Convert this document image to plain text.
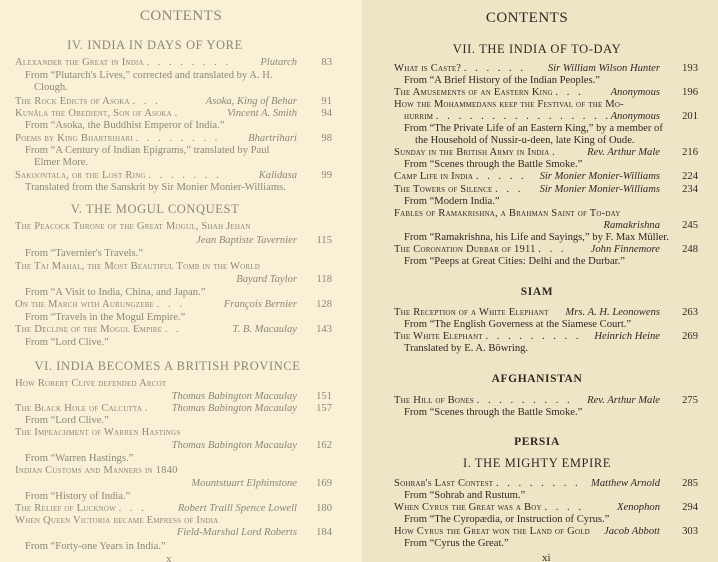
CONTENTS
IV. INDIA IN DAYS OF YORE
Alexander the Great in India . . . . . . . .	Plutarch	83
From “Plutarch's Lives,” corrected and translated by A. H.
Clough.
The Rock Edicts of Asoka . . .	Asoka, King of Behar	91
Kunâla the Obedient, Son of Asoka .	Vincent A. Smith	94
From “Asoka, the Buddhist Emperor of India.”
Poems by King Bhartrihari . . . . . . . .	Bhartrihari	98
From “A Century of Indian Epigrams,” translated by Paul
Elmer More.
Sakoontala, or the Lost Ring . . . . . . .	Kalidasa	99
Translated from the Sanskrit by Sir Monier Monier-Williams.
V. THE MOGUL CONQUEST
The Peacock Throne of the Great Mogul, Shah Jehan
Jean Baptiste Tavernier	115
From “Tavernier's Travels.”
The Taj Mahal, the Most Beautiful Tomb in the World
Bayard Taylor	118
From “A Visit to India, China, and Japan.”
On the March with Aurungzebe . . .	François Bernier	128
From “Travels in the Mogul Empire.”
The Decline of the Mogul Empire . .	T. B. Macaulay	143
From “Lord Clive.”
VI. INDIA BECOMES A BRITISH PROVINCE
How Robert Clive defended Arcot
Thomas Babington Macaulay	151
The Black Hole of Calcutta . Thomas Babington Macaulay	157
From “Lord Clive.”
The Impeachment of Warren Hastings
Thomas Babington Macaulay	162
From “Warren Hastings.”
Indian Customs and Manners in 1840
Mountstuart Elphinstone	169
From “History of India.”
The Relief of Lucknow . . .	Robert Traill Spence Lowell	180
When Queen Victoria became Empress of India
Field-Marshal Lord Roberts	184
From “Forty-one Years in India.”
x
CONTENTS
VII. THE INDIA OF TO-DAY
What is Caste? . . . . . . Sir William Wilson Hunter	193
From “A Brief History of the Indian Peoples.”
The Amusements of an Eastern King . . .	Anonymous	196
How the Mohammedans keep the Festival of the Mo-
hurrim . . . . . . . . . . . . . . . . Anonymous	201
From “The Private Life of an Eastern King,” by a member of
the Household of Nussir-u-deen, late King of Oude.
Sunday in the British Army in India .	Rev. Arthur Male	216
From “Scenes through the Battle Smoke.”
Camp Life in India . . . . . Sir Monier Monier-Williams	224
The Towers of Silence . . . Sir Monier Monier-Williams	234
From “Modern India.”
Fables of Ramakrishna, a Brahman Saint of To-day
Ramakrishna	245
From “Ramakrishna, his Life and Sayings,” by F. Max Müller.
The Coronation Durbar of 1911 . . . John Finnemore	248
From “Peeps at Great Cities: Delhi and the Durbar.”
SIAM
The Reception of a White Elephant Mrs. A. H. Leonowens	263
From “The English Governess at the Siamese Court.”
The White Elephant . . . . . . . . . Heinrich Heine	269
Translated by E. A. Böwring.
AFGHANISTAN
The Hill of Bones . . . . . . . . . Rev. Arthur Male	275
From “Scenes through the Battle Smoke.”
PERSIA
I. THE MIGHTY EMPIRE
Sohrab's Last Contest . . . . . . . . Matthew Arnold	285
From “Sohrab and Rustum.”
When Cyrus the Great was a Boy . . . .	Xenophon	294
From “The Cyropædia, or Instruction of Cyrus.”
How Cyrus the Great won the Land of Gold Jacob Abbott	303
From “Cyrus the Great.”
xi
